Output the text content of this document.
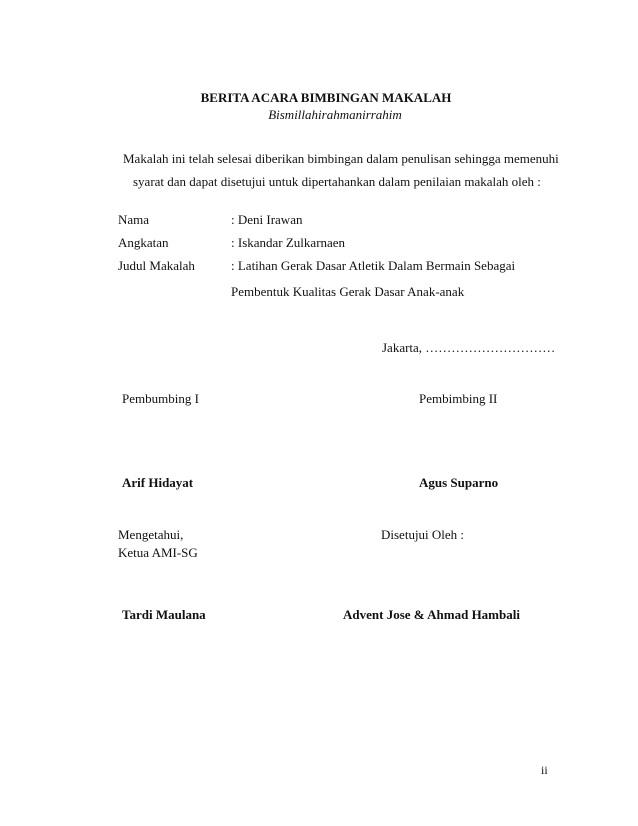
BERITA ACARA BIMBINGAN MAKALAH
Bismillahirahmanirrahim
Makalah ini telah selesai diberikan bimbingan dalam penulisan sehingga memenuhi
syarat dan dapat disetujui untuk dipertahankan dalam penilaian makalah oleh :
Nama	: Deni Irawan
Angkatan	: Iskandar Zulkarnaen
Judul Makalah	: Latihan Gerak Dasar Atletik Dalam Bermain Sebagai
Pembentuk Kualitas Gerak Dasar Anak-anak
Jakarta, …………………………
Pembumbing I	Pembimbing II
Arif Hidayat	Agus Suparno
Mengetahui,
Ketua AMI-SG
Disetujui Oleh :
Tardi Maulana	Advent Jose & Ahmad Hambali
ii
